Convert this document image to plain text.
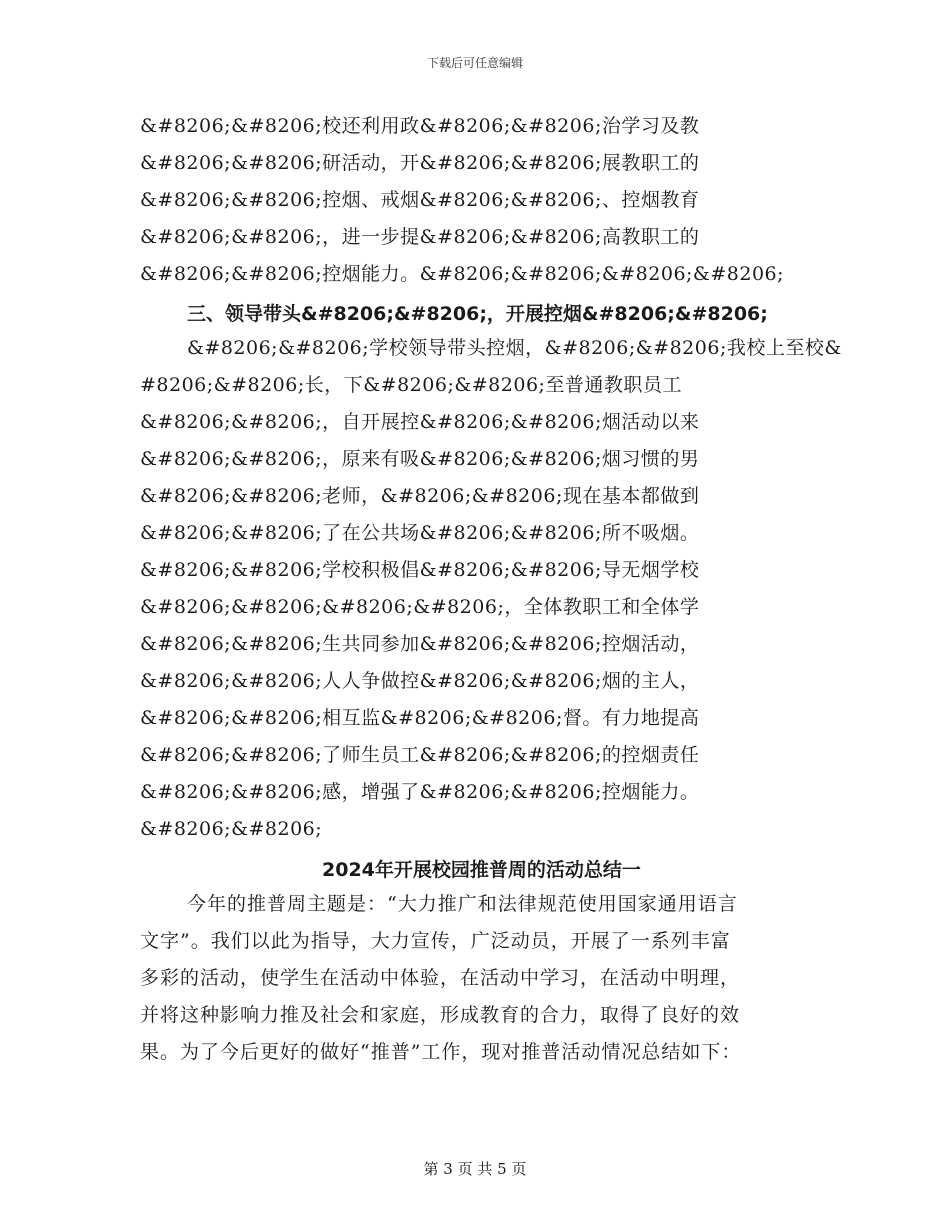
下载后可任意编辑
&#8206;&#8206;校还利用政&#8206;&#8206;治学习及教
&#8206;&#8206;研活动，开&#8206;&#8206;展教职工的
&#8206;&#8206;控烟、戒烟&#8206;&#8206;、控烟教育
&#8206;&#8206;，进一步提&#8206;&#8206;高教职工的
&#8206;&#8206;控烟能力。&#8206;&#8206;&#8206;&#8206;
三、领导带头&#8206;&#8206;，开展控烟&#8206;&#8206;
&#8206;&#8206;学校领导带头控烟，&#8206;&#8206;我校上至校&
#8206;&#8206;长，下&#8206;&#8206;至普通教职员工
&#8206;&#8206;，自开展控&#8206;&#8206;烟活动以来
&#8206;&#8206;，原来有吸&#8206;&#8206;烟习惯的男
&#8206;&#8206;老师，&#8206;&#8206;现在基本都做到
&#8206;&#8206;了在公共场&#8206;&#8206;所不吸烟。
&#8206;&#8206;学校积极倡&#8206;&#8206;导无烟学校
&#8206;&#8206;&#8206;&#8206;，全体教职工和全体学
&#8206;&#8206;生共同参加&#8206;&#8206;控烟活动，
&#8206;&#8206;人人争做控&#8206;&#8206;烟的主人，
&#8206;&#8206;相互监&#8206;&#8206;督。有力地提高
&#8206;&#8206;了师生员工&#8206;&#8206;的控烟责任
&#8206;&#8206;感，增强了&#8206;&#8206;控烟能力。
&#8206;&#8206;
2024年开展校园推普周的活动总结一
今年的推普周主题是：“大力推广和法律规范使用国家通用语言
文字”。我们以此为指导，大力宣传，广泛动员，开展了一系列丰富
多彩的活动，使学生在活动中体验，在活动中学习，在活动中明理，
并将这种影响力推及社会和家庭，形成教育的合力，取得了良好的效
果。为了今后更好的做好“推普”工作，现对推普活动情况总结如下：
第 3 页 共 5 页
